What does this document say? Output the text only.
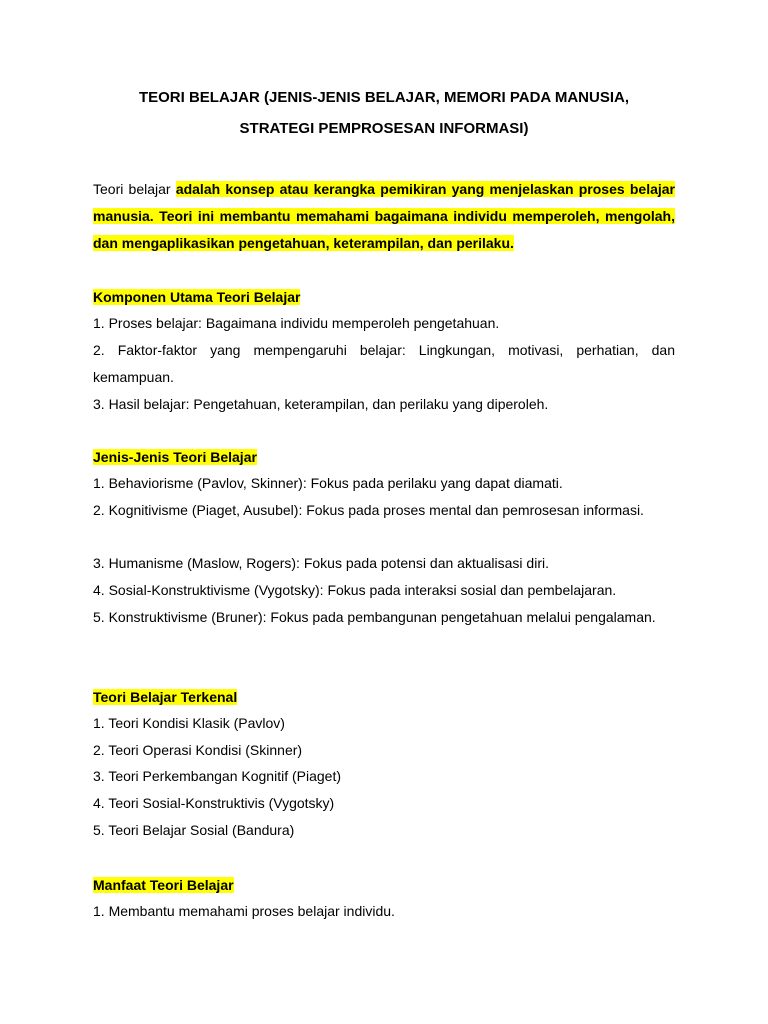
TEORI BELAJAR (JENIS-JENIS BELAJAR, MEMORI PADA MANUSIA,

STRATEGI PEMPROSESAN INFORMASI)

Teori belajar adalah konsep atau kerangka pemikiran yang menjelaskan proses belajar manusia. Teori ini membantu memahami bagaimana individu memperoleh, mengolah, dan mengaplikasikan pengetahuan, keterampilan, dan perilaku.

Komponen Utama Teori Belajar

1. Proses belajar: Bagaimana individu memperoleh pengetahuan.

2. Faktor-faktor yang mempengaruhi belajar: Lingkungan, motivasi, perhatian, dan kemampuan.

3. Hasil belajar: Pengetahuan, keterampilan, dan perilaku yang diperoleh.

Jenis-Jenis Teori Belajar

1. Behaviorisme (Pavlov, Skinner): Fokus pada perilaku yang dapat diamati.

2. Kognitivisme (Piaget, Ausubel): Fokus pada proses mental dan pemrosesan informasi.

3. Humanisme (Maslow, Rogers): Fokus pada potensi dan aktualisasi diri.

4. Sosial-Konstruktivisme (Vygotsky): Fokus pada interaksi sosial dan pembelajaran.

5. Konstruktivisme (Bruner): Fokus pada pembangunan pengetahuan melalui pengalaman.

Teori Belajar Terkenal

1. Teori Kondisi Klasik (Pavlov)

2. Teori Operasi Kondisi (Skinner)

3. Teori Perkembangan Kognitif (Piaget)

4. Teori Sosial-Konstruktivis (Vygotsky)

5. Teori Belajar Sosial (Bandura)

Manfaat Teori Belajar

1. Membantu memahami proses belajar individu.
